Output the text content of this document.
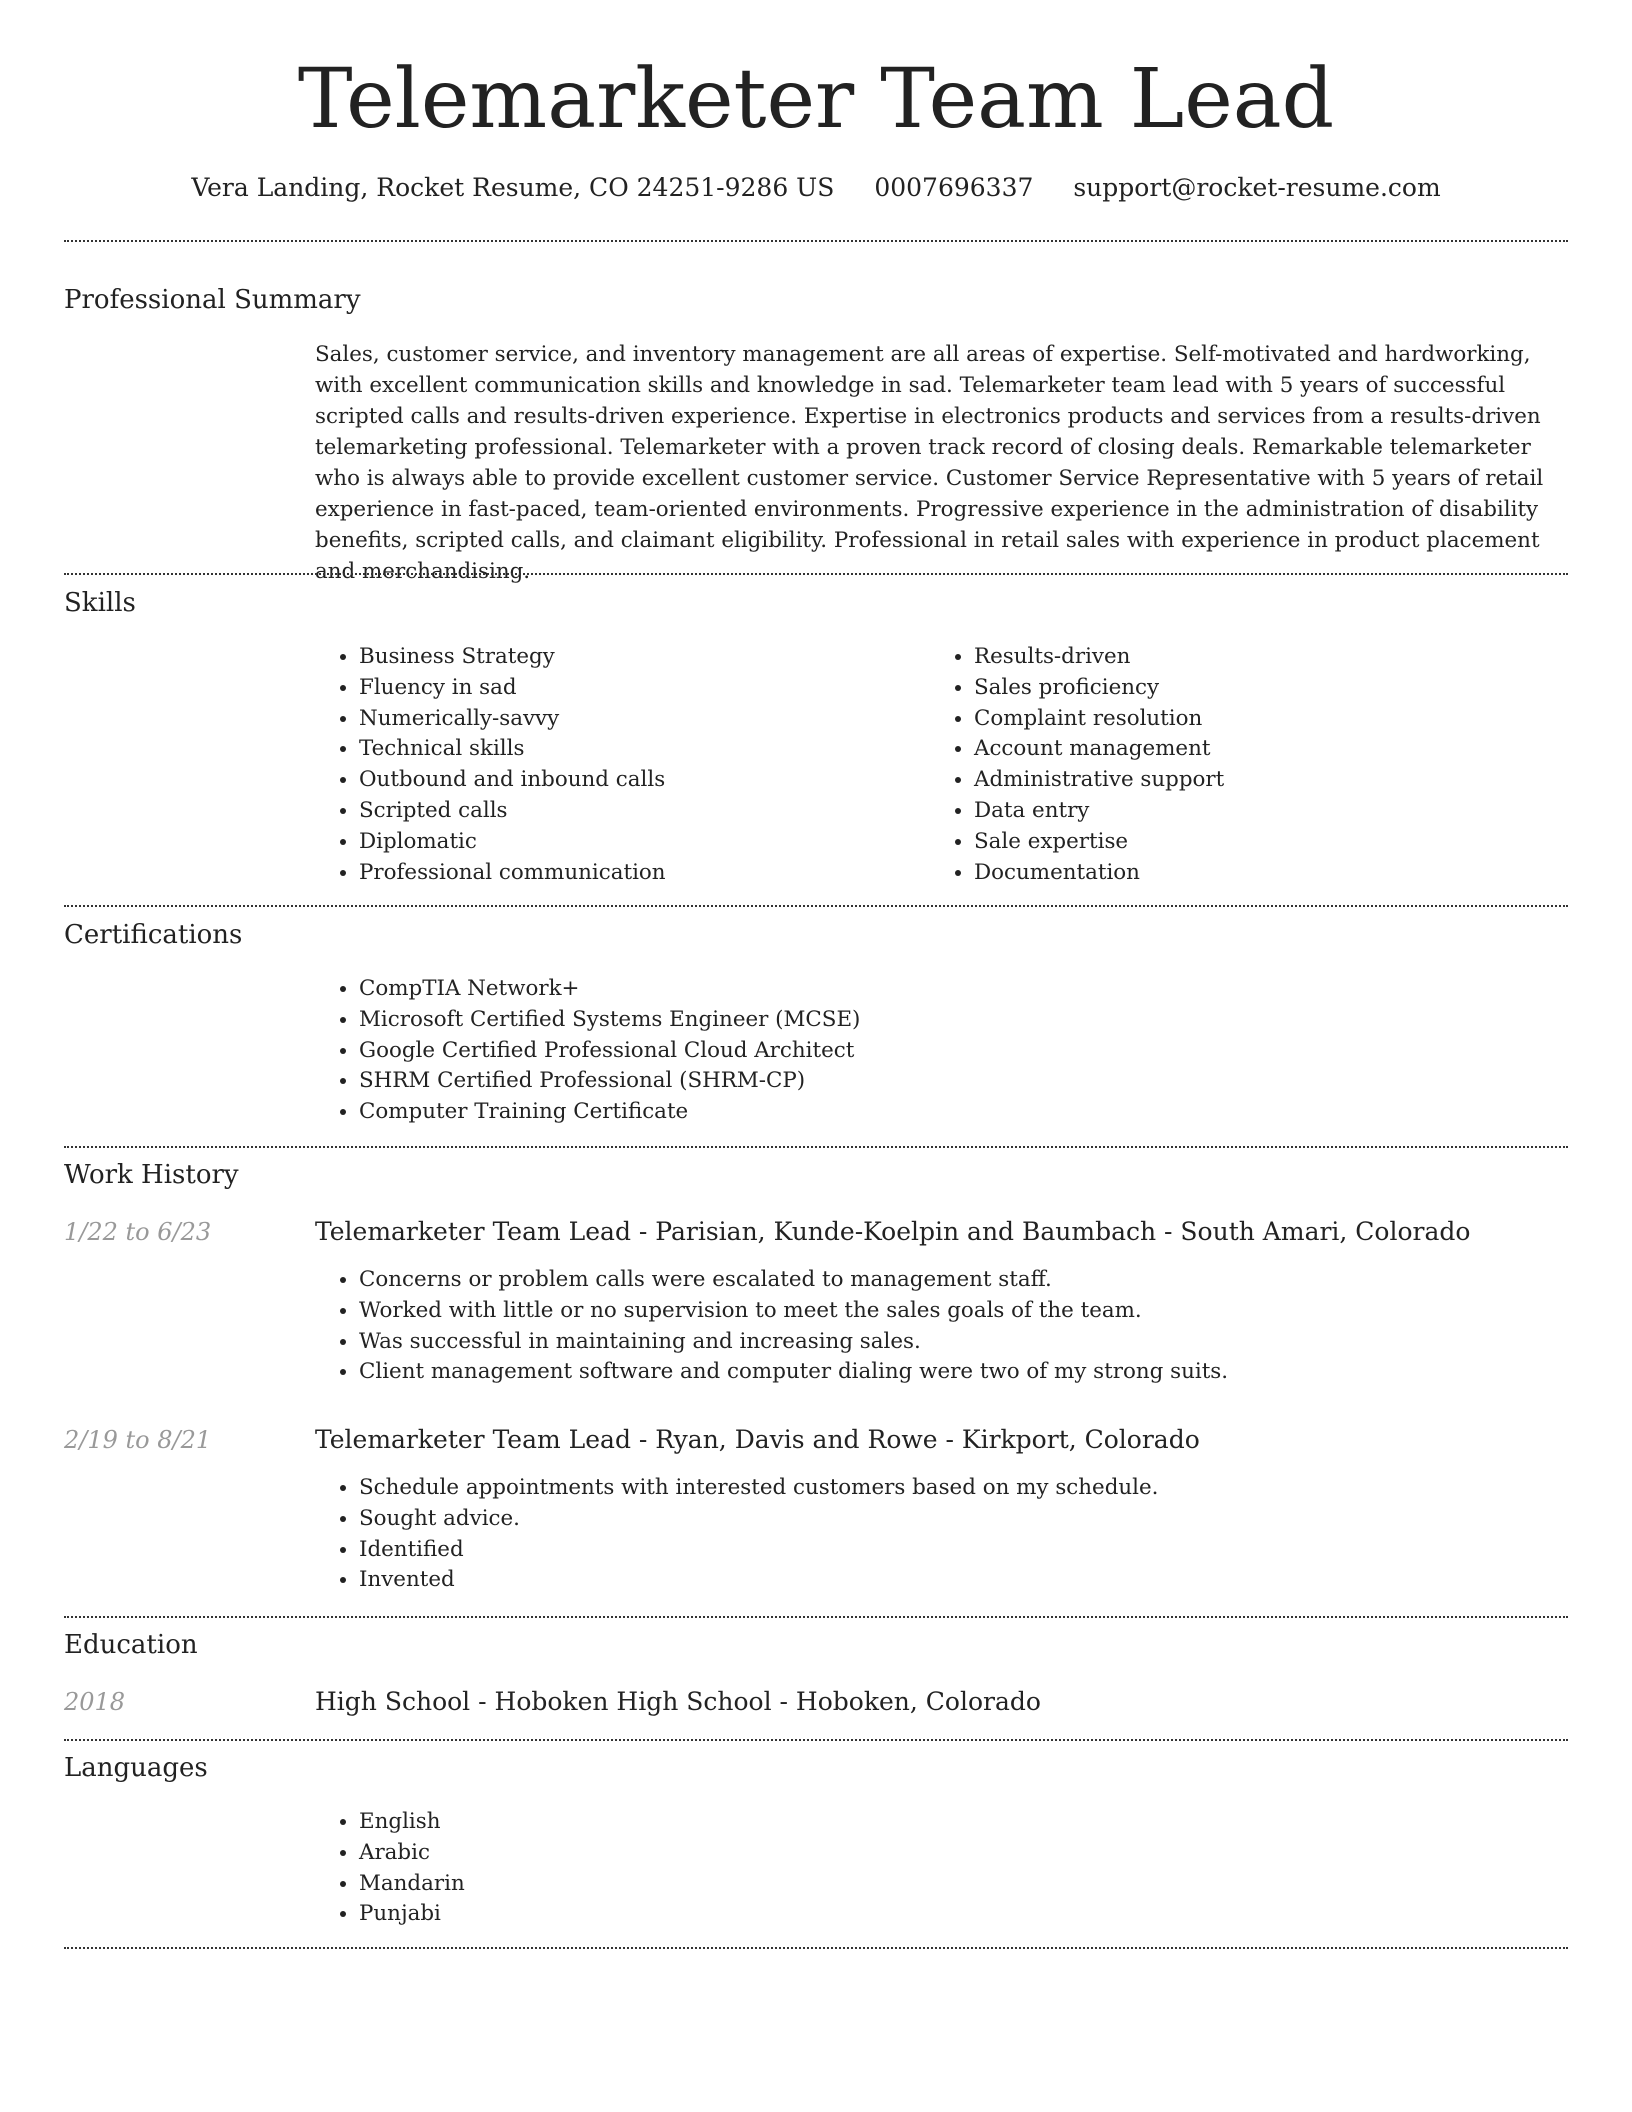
Telemarketer Team Lead
Vera Landing, Rocket Resume, CO 24251-9286 US 0007696337 support@rocket-resume.com
Professional Summary
Sales, customer service, and inventory management are all areas of expertise. Self-motivated and hardworking, with excellent communication skills and knowledge in sad. Telemarketer team lead with 5 years of successful scripted calls and results-driven experience. Expertise in electronics products and services from a results-driven telemarketing professional. Telemarketer with a proven track record of closing deals. Remarkable telemarketer who is always able to provide excellent customer service. Customer Service Representative with 5 years of retail experience in fast-paced, team-oriented environments. Progressive experience in the administration of disability benefits, scripted calls, and claimant eligibility. Professional in retail sales with experience in product placement and merchandising.
Skills
• Business Strategy
• Fluency in sad
• Numerically-savvy
• Technical skills
• Outbound and inbound calls
• Scripted calls
• Diplomatic
• Professional communication
• Results-driven
• Sales proficiency
• Complaint resolution
• Account management
• Administrative support
• Data entry
• Sale expertise
• Documentation
Certifications
• CompTIA Network+
• Microsoft Certified Systems Engineer (MCSE)
• Google Certified Professional Cloud Architect
• SHRM Certified Professional (SHRM-CP)
• Computer Training Certificate
Work History
1/22 to 6/23	Telemarketer Team Lead - Parisian, Kunde-Koelpin and Baumbach - South Amari, Colorado
• Concerns or problem calls were escalated to management staff.
• Worked with little or no supervision to meet the sales goals of the team.
• Was successful in maintaining and increasing sales.
• Client management software and computer dialing were two of my strong suits.
2/19 to 8/21	Telemarketer Team Lead - Ryan, Davis and Rowe - Kirkport, Colorado
• Schedule appointments with interested customers based on my schedule.
• Sought advice.
• Identified
• Invented
Education
2018	High School - Hoboken High School - Hoboken, Colorado
Languages
• English
• Arabic
• Mandarin
• Punjabi
